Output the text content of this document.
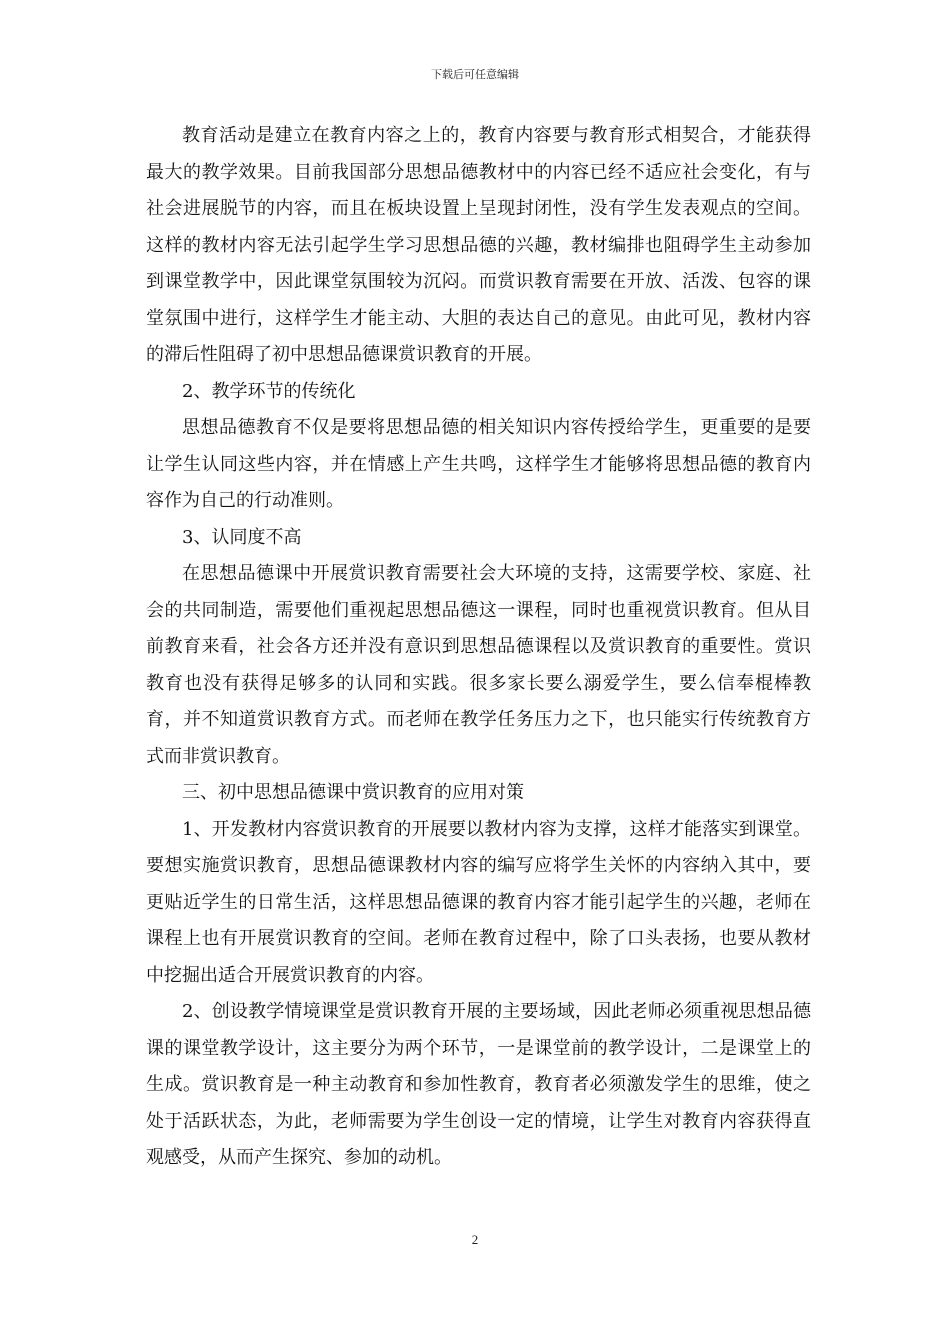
下载后可任意编辑

教育活动是建立在教育内容之上的，教育内容要与教育形式相契合，才能获得最大的教学效果。目前我国部分思想品德教材中的内容已经不适应社会变化，有与社会进展脱节的内容，而且在板块设置上呈现封闭性，没有学生发表观点的空间。这样的教材内容无法引起学生学习思想品德的兴趣，教材编排也阻碍学生主动参加到课堂教学中，因此课堂氛围较为沉闷。而赏识教育需要在开放、活泼、包容的课堂氛围中进行，这样学生才能主动、大胆的表达自己的意见。由此可见，教材内容的滞后性阻碍了初中思想品德课赏识教育的开展。

2、教学环节的传统化

思想品德教育不仅是要将思想品德的相关知识内容传授给学生，更重要的是要让学生认同这些内容，并在情感上产生共鸣，这样学生才能够将思想品德的教育内容作为自己的行动准则。

3、认同度不高

在思想品德课中开展赏识教育需要社会大环境的支持，这需要学校、家庭、社会的共同制造，需要他们重视起思想品德这一课程，同时也重视赏识教育。但从目前教育来看，社会各方还并没有意识到思想品德课程以及赏识教育的重要性。赏识教育也没有获得足够多的认同和实践。很多家长要么溺爱学生，要么信奉棍棒教育，并不知道赏识教育方式。而老师在教学任务压力之下，也只能实行传统教育方式而非赏识教育。

三、初中思想品德课中赏识教育的应用对策

1、开发教材内容赏识教育的开展要以教材内容为支撑，这样才能落实到课堂。要想实施赏识教育，思想品德课教材内容的编写应将学生关怀的内容纳入其中，要更贴近学生的日常生活，这样思想品德课的教育内容才能引起学生的兴趣，老师在课程上也有开展赏识教育的空间。老师在教育过程中，除了口头表扬，也要从教材中挖掘出适合开展赏识教育的内容。

2、创设教学情境课堂是赏识教育开展的主要场域，因此老师必须重视思想品德课的课堂教学设计，这主要分为两个环节，一是课堂前的教学设计，二是课堂上的生成。赏识教育是一种主动教育和参加性教育，教育者必须激发学生的思维，使之处于活跃状态，为此，老师需要为学生创设一定的情境，让学生对教育内容获得直观感受，从而产生探究、参加的动机。

2
